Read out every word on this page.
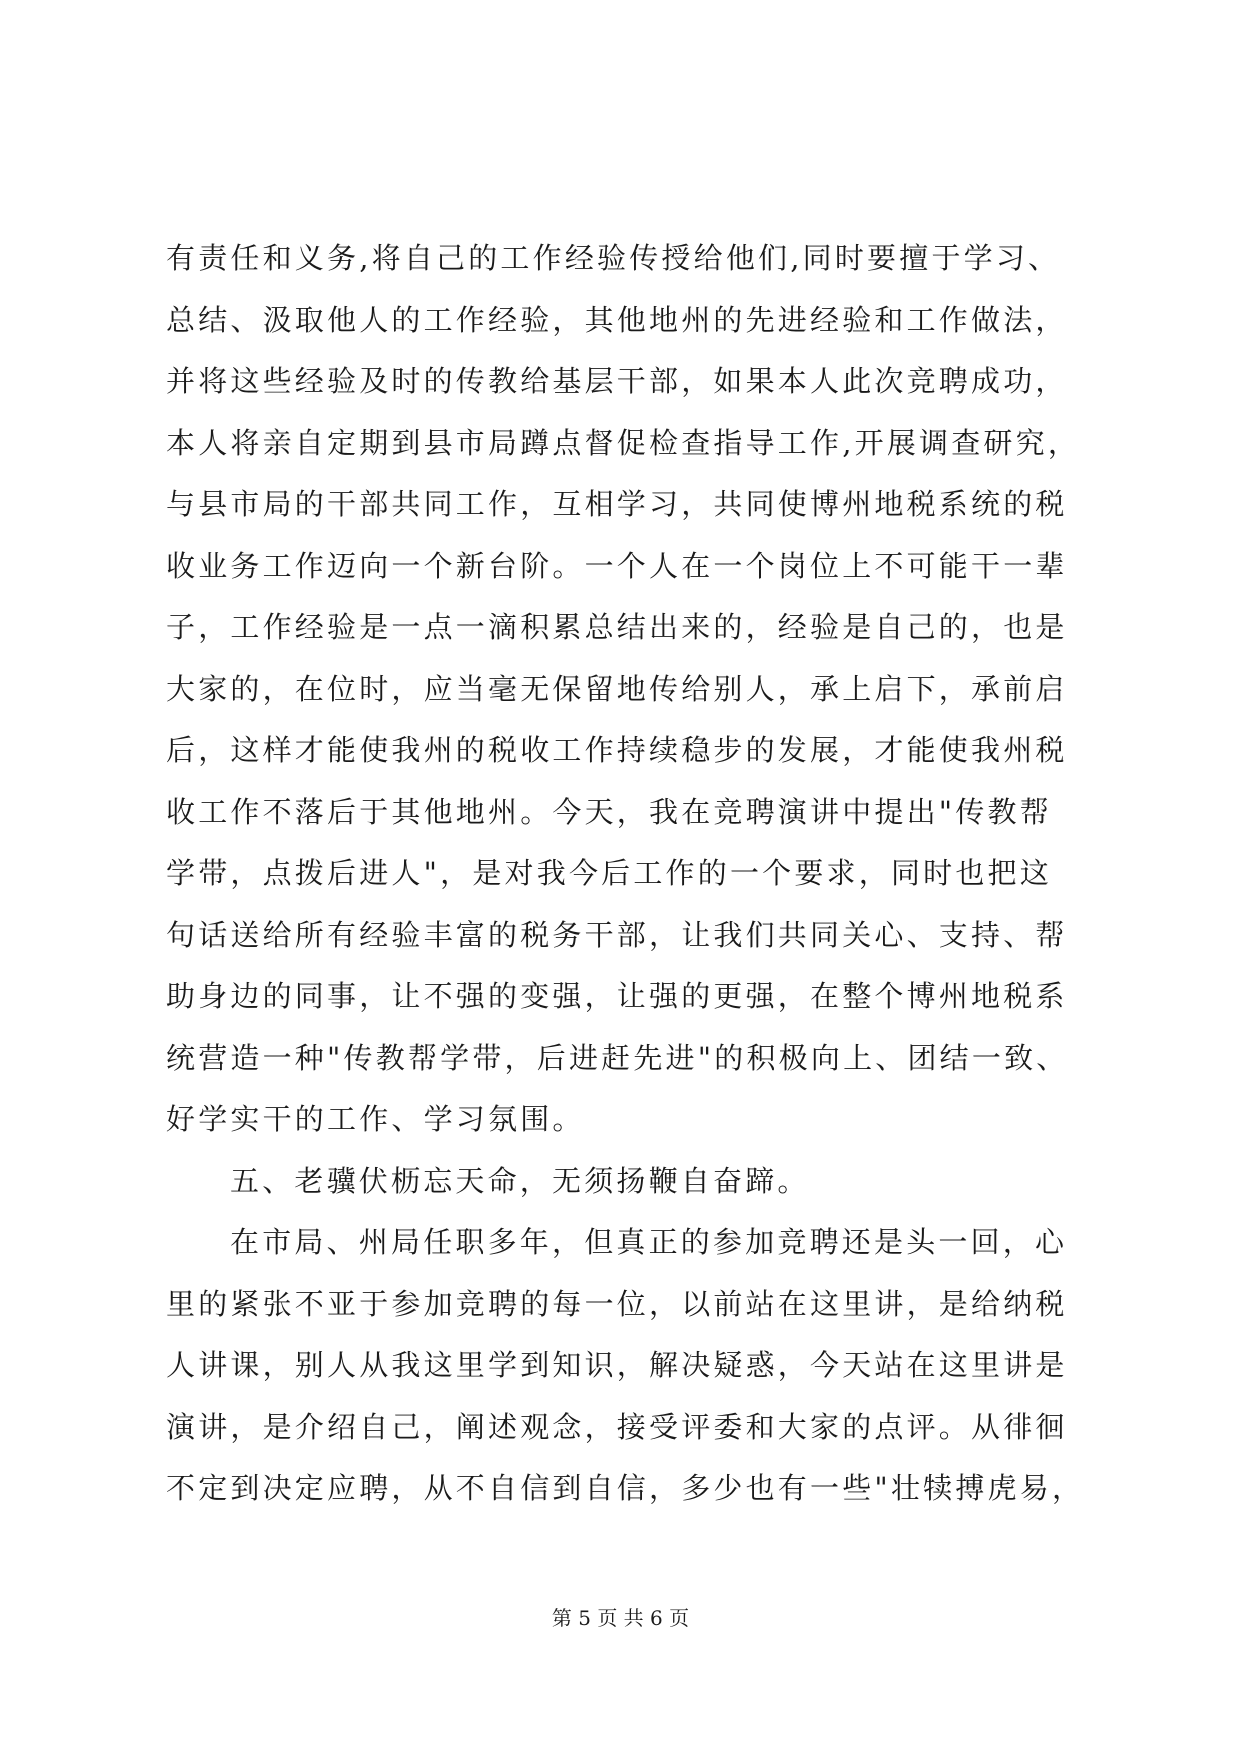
有责任和义务,将自己的工作经验传授给他们,同时要擅于学习、
总结、汲取他人的工作经验，其他地州的先进经验和工作做法，
并将这些经验及时的传教给基层干部，如果本人此次竞聘成功，
本人将亲自定期到县市局蹲点督促检查指导工作,开展调查研究，
与县市局的干部共同工作，互相学习，共同使博州地税系统的税
收业务工作迈向一个新台阶。一个人在一个岗位上不可能干一辈
子，工作经验是一点一滴积累总结出来的，经验是自己的，也是
大家的，在位时，应当毫无保留地传给别人，承上启下，承前启
后，这样才能使我州的税收工作持续稳步的发展，才能使我州税
收工作不落后于其他地州。今天，我在竞聘演讲中提出"传教帮
学带，点拨后进人"，是对我今后工作的一个要求，同时也把这
句话送给所有经验丰富的税务干部，让我们共同关心、支持、帮
助身边的同事，让不强的变强，让强的更强，在整个博州地税系
统营造一种"传教帮学带，后进赶先进"的积极向上、团结一致、
好学实干的工作、学习氛围。
五、老骥伏枥忘天命，无须扬鞭自奋蹄。
在市局、州局任职多年，但真正的参加竞聘还是头一回，心
里的紧张不亚于参加竞聘的每一位，以前站在这里讲，是给纳税
人讲课，别人从我这里学到知识，解决疑惑，今天站在这里讲是
演讲，是介绍自己，阐述观念，接受评委和大家的点评。从徘徊
不定到决定应聘，从不自信到自信，多少也有一些"壮犊搏虎易，
第 5 页 共 6 页
